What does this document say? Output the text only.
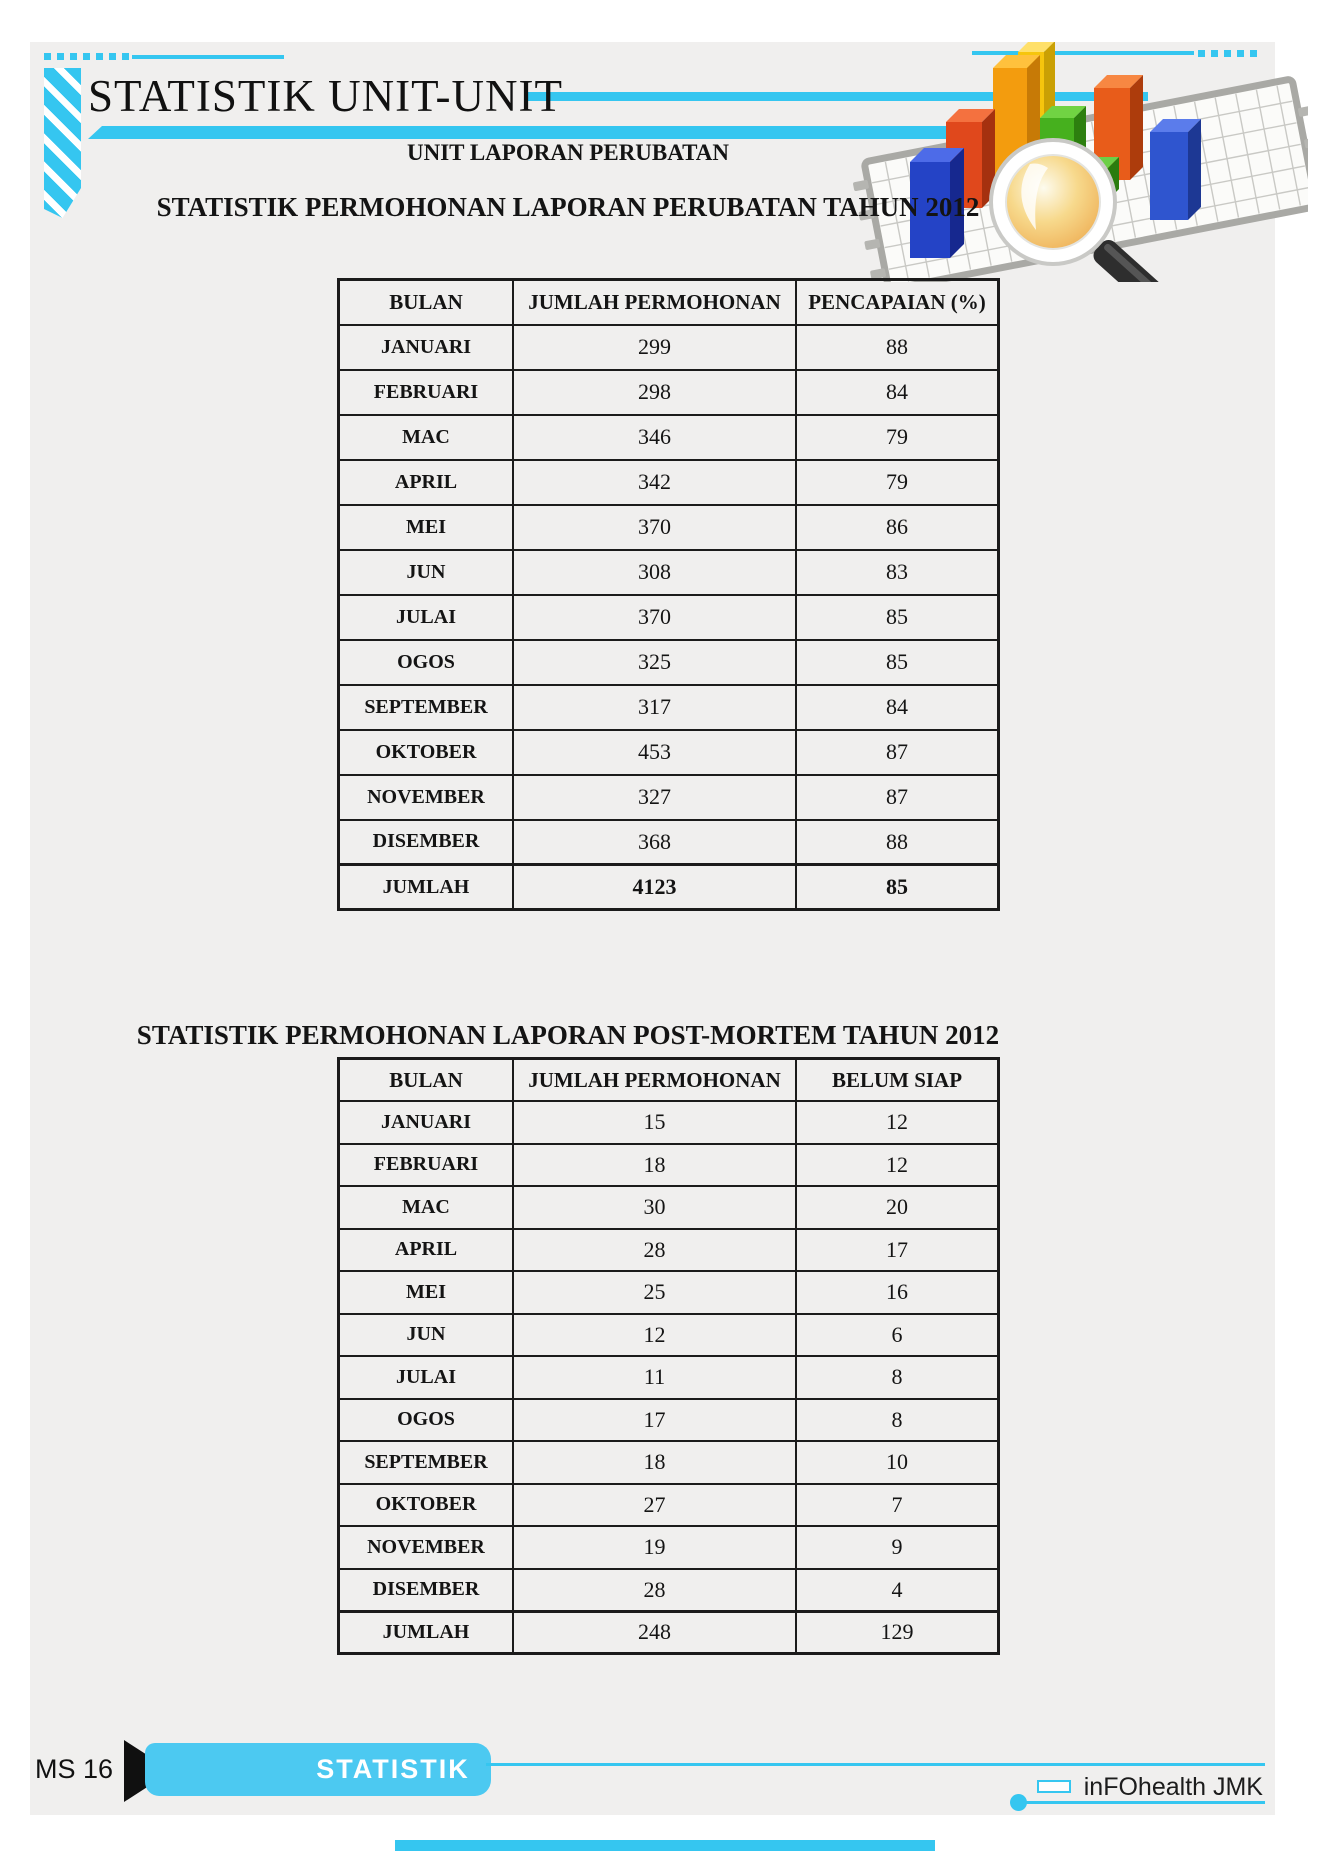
STATISTIK UNIT-UNIT
UNIT LAPORAN PERUBATAN
STATISTIK PERMOHONAN LAPORAN PERUBATAN TAHUN 2012
BULAN	JUMLAH PERMOHONAN	PENCAPAIAN (%)
JANUARI	299	88
FEBRUARI	298	84
MAC	346	79
APRIL	342	79
MEI	370	86
JUN	308	83
JULAI	370	85
OGOS	325	85
SEPTEMBER	317	84
OKTOBER	453	87
NOVEMBER	327	87
DISEMBER	368	88
JUMLAH	4123	85
STATISTIK PERMOHONAN LAPORAN POST-MORTEM TAHUN 2012
BULAN	JUMLAH PERMOHONAN	BELUM SIAP
JANUARI	15	12
FEBRUARI	18	12
MAC	30	20
APRIL	28	17
MEI	25	16
JUN	12	6
JULAI	11	8
OGOS	17	8
SEPTEMBER	18	10
OKTOBER	27	7
NOVEMBER	19	9
DISEMBER	28	4
JUMLAH	248	129
MS 16	STATISTIK
inFOhealth JMK
